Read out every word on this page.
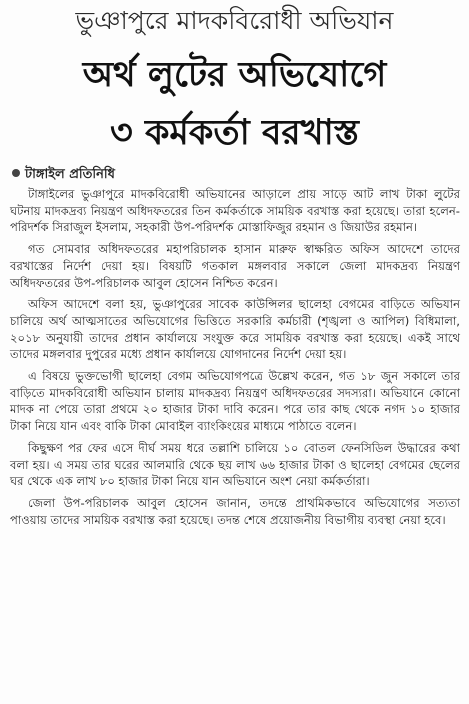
ভুঞাপুরে মাদকবিরোধী অভিযান
অর্থ লুটের অভিযোগে
৩ কর্মকর্তা বরখাস্ত
টাঙ্গাইল প্রতিনিধি

টাঙ্গাইলের ভুঞাপুরে মাদকবিরোধী অভিযানের আড়ালে প্রায় সাড়ে আট লাখ টাকা লুটের ঘটনায় মাদকদ্রব্য নিয়ন্ত্রণ অধিদফতরের তিন কর্মকর্তাকে সাময়িক বরখাস্ত করা হয়েছে। তারা হলেন- পরিদর্শক সিরাজুল ইসলাম, সহকারী উপ-পরিদর্শক মোস্তাফিজুর রহমান ও জিয়াউর রহমান।

গত সোমবার অধিদফতরের মহাপরিচালক হাসান মারুফ স্বাক্ষরিত অফিস আদেশে তাদের বরখাস্তের নির্দেশ দেয়া হয়। বিষয়টি গতকাল মঙ্গলবার সকালে জেলা মাদকদ্রব্য নিয়ন্ত্রণ অধিদফতরের উপ-পরিচালক আবুল হোসেন নিশ্চিত করেন।

অফিস আদেশে বলা হয়, ভুঞাপুরের সাবেক কাউন্সিলর ছালেহা বেগমের বাড়িতে অভিযান চালিয়ে অর্থ আত্মসাতের অভিযোগের ভিত্তিতে সরকারি কর্মচারী (শৃঙ্খলা ও আপিল) বিধিমালা, ২০১৮ অনুযায়ী তাদের প্রধান কার্যালয়ে সংযুক্ত করে সাময়িক বরখাস্ত করা হয়েছে। একই সাথে তাদের মঙ্গলবার দুপুরের মধ্যে প্রধান কার্যালয়ে যোগদানের নির্দেশ দেয়া হয়।

এ বিষয়ে ভুক্তভোগী ছালেহা বেগম অভিযোগপত্রে উল্লেখ করেন, গত ১৮ জুন সকালে তার বাড়িতে মাদকবিরোধী অভিযান চালায় মাদকদ্রব্য নিয়ন্ত্রণ অধিদফতরের সদস্যরা। অভিযানে কোনো মাদক না পেয়ে তারা প্রথমে ২০ হাজার টাকা দাবি করেন। পরে তার কাছ থেকে নগদ ১০ হাজার টাকা নিয়ে যান এবং বাকি টাকা মোবাইল ব্যাংকিংয়ের মাধ্যমে পাঠাতে বলেন।

কিছুক্ষণ পর ফের এসে দীর্ঘ সময় ধরে তল্লাশি চালিয়ে ১০ বোতল ফেনসিডিল উদ্ধারের কথা বলা হয়। এ সময় তার ঘরের আলমারি থেকে ছয় লাখ ৬৬ হাজার টাকা ও ছালেহা বেগমের ছেলের ঘর থেকে এক লাখ ৮০ হাজার টাকা নিয়ে যান অভিযানে অংশ নেয়া কর্মকর্তারা।

জেলা উপ-পরিচালক আবুল হোসেন জানান, তদন্তে প্রাথমিকভাবে অভিযোগের সত্যতা পাওয়ায় তাদের সাময়িক বরখাস্ত করা হয়েছে। তদন্ত শেষে প্রয়োজনীয় বিভাগীয় ব্যবস্থা নেয়া হবে।
